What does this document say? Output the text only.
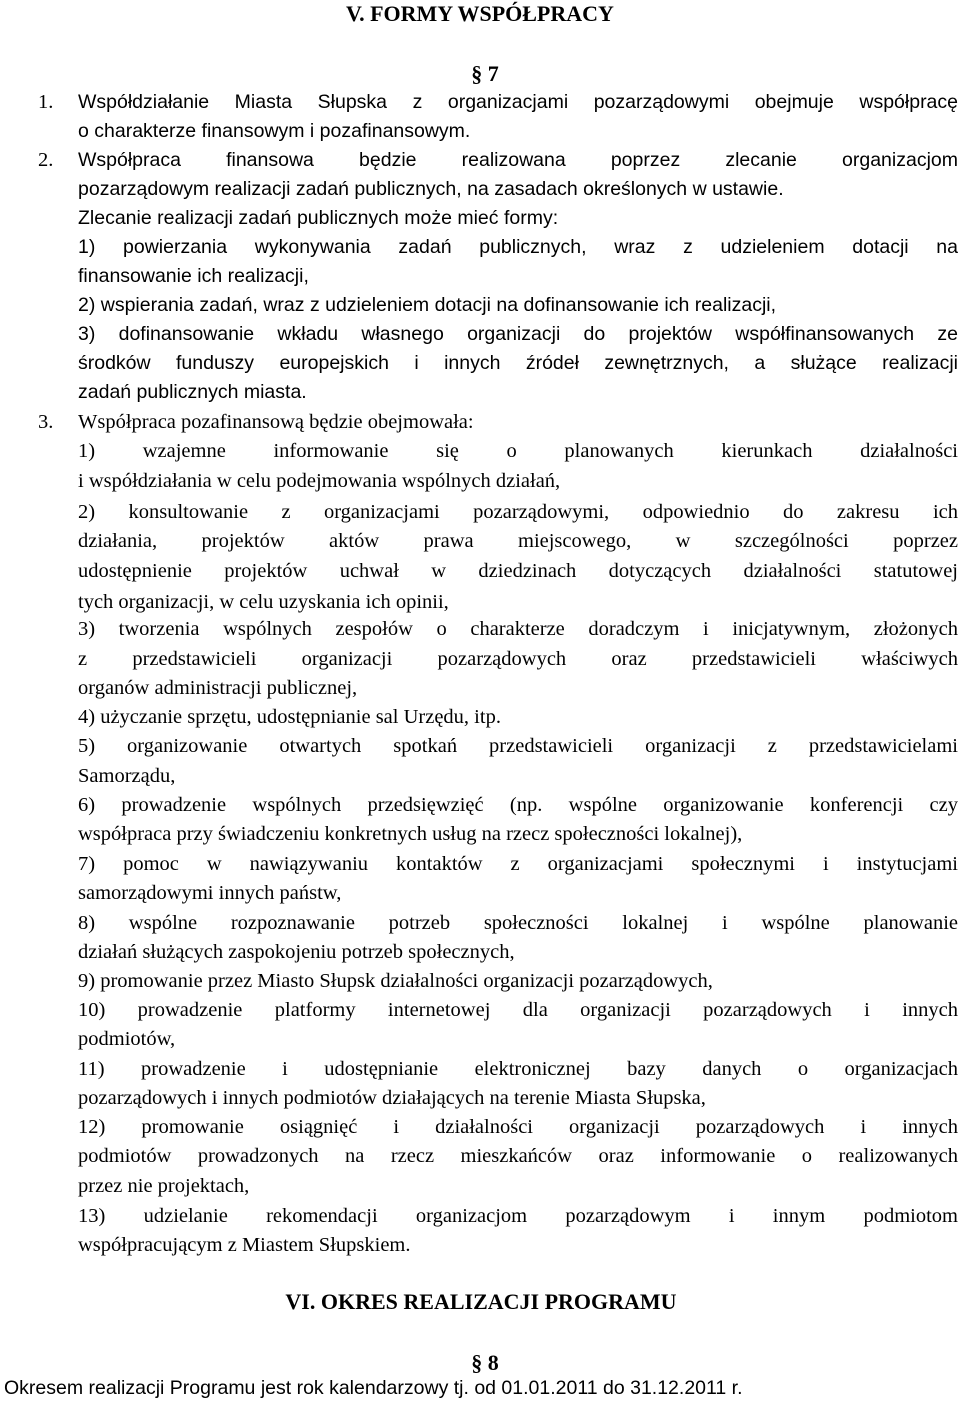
V. FORMY WSPÓŁPRACY
§ 7
1.	Współdziałanie Miasta Słupska z organizacjami pozarządowymi obejmuje współpracę
o charakterze finansowym i pozafinansowym.
2.	Współpraca finansowa będzie realizowana poprzez zlecanie organizacjom
pozarządowym realizacji zadań publicznych, na zasadach określonych w ustawie.
Zlecanie realizacji zadań publicznych może mieć formy:
1) powierzania wykonywania zadań publicznych, wraz z udzieleniem dotacji na
finansowanie ich realizacji,
2) wspierania zadań, wraz z udzieleniem dotacji na dofinansowanie ich realizacji,
3) dofinansowanie wkładu własnego organizacji do projektów współfinansowanych ze
środków funduszy europejskich i innych źródeł zewnętrznych, a służące realizacji
zadań publicznych miasta.
3.	Współpraca pozafinansową będzie obejmowała:
1) wzajemne informowanie się o planowanych kierunkach działalności
i współdziałania w celu podejmowania wspólnych działań,
2) konsultowanie z organizacjami pozarządowymi, odpowiednio do zakresu ich
działania, projektów aktów prawa miejscowego, w szczególności poprzez
udostępnienie projektów uchwał w dziedzinach dotyczących działalności statutowej
tych organizacji, w celu uzyskania ich opinii,
3) tworzenia wspólnych zespołów o charakterze doradczym i inicjatywnym, złożonych
z przedstawicieli organizacji pozarządowych oraz przedstawicieli właściwych
organów administracji publicznej,
4) użyczanie sprzętu, udostępnianie sal Urzędu, itp.
5) organizowanie otwartych spotkań przedstawicieli organizacji z przedstawicielami
Samorządu,
6) prowadzenie wspólnych przedsięwzięć (np. wspólne organizowanie konferencji czy
współpraca przy świadczeniu konkretnych usług na rzecz społeczności lokalnej),
7) pomoc w nawiązywaniu kontaktów z organizacjami społecznymi i instytucjami
samorządowymi innych państw,
8) wspólne rozpoznawanie potrzeb społeczności lokalnej i wspólne planowanie
działań służących zaspokojeniu potrzeb społecznych,
9) promowanie przez Miasto Słupsk działalności organizacji pozarządowych,
10) prowadzenie platformy internetowej dla organizacji pozarządowych i innych
podmiotów,
11) prowadzenie i udostępnianie elektronicznej bazy danych o organizacjach
pozarządowych i innych podmiotów działających na terenie Miasta Słupska,
12) promowanie osiągnięć i działalności organizacji pozarządowych i innych
podmiotów prowadzonych na rzecz mieszkańców oraz informowanie o realizowanych
przez nie projektach,
13) udzielanie rekomendacji organizacjom pozarządowym i innym podmiotom
współpracującym z Miastem Słupskiem.
VI. OKRES REALIZACJI PROGRAMU
§ 8
Okresem realizacji Programu jest rok kalendarzowy tj. od 01.01.2011 do 31.12.2011 r.
